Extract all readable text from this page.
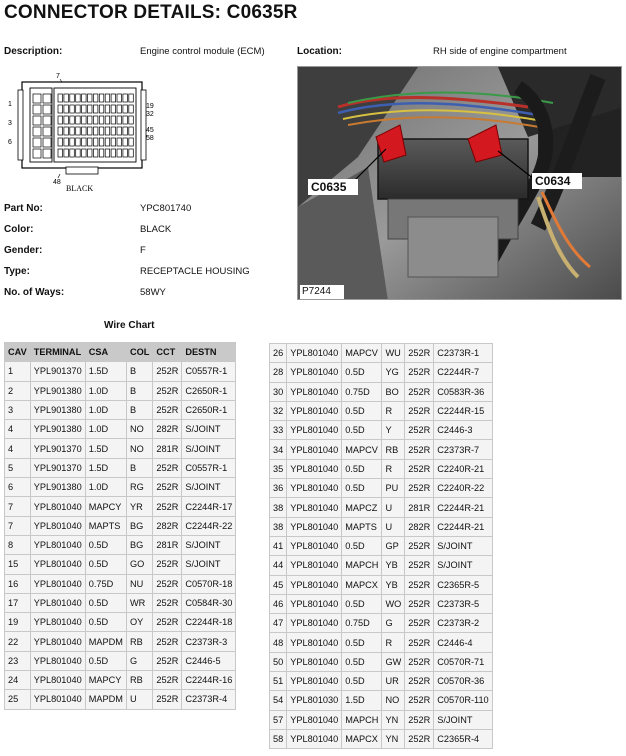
CONNECTOR DETAILS: C0635R
Description:	Engine control module (ECM)	Location:	RH side of engine compartment
7
1
3
6
19
32
45
58
48
BLACK	C0635	C0634
P7244
Part No:	YPC801740
Color:	BLACK
Gender:	F
Type:	RECEPTACLE HOUSING
No. of Ways:	58WY
Wire Chart
CAV	TERMINAL	CSA	COL	CCT	DESTN
1	YPL901370	1.5D	B	252R	C0557R-1
2	YPL901380	1.0D	B	252R	C2650R-1
3	YPL901380	1.0D	B	252R	C2650R-1
4	YPL901380	1.0D	NO	282R	S/JOINT
4	YPL901370	1.5D	NO	281R	S/JOINT
5	YPL901370	1.5D	B	252R	C0557R-1
6	YPL901380	1.0D	RG	252R	S/JOINT
7	YPL801040	MAPCY	YR	252R	C2244R-17
7	YPL801040	MAPTS	BG	282R	C2244R-22
8	YPL801040	0.5D	BG	281R	S/JOINT
15	YPL801040	0.5D	GO	252R	S/JOINT
16	YPL801040	0.75D	NU	252R	C0570R-18
17	YPL801040	0.5D	WR	252R	C0584R-30
19	YPL801040	0.5D	OY	252R	C2244R-18
22	YPL801040	MAPDM	RB	252R	C2373R-3
23	YPL801040	0.5D	G	252R	C2446-5
24	YPL801040	MAPCY	RB	252R	C2244R-16
25	YPL801040	MAPDM	U	252R	C2373R-4
26	YPL801040	MAPCV	WU	252R	C2373R-1
28	YPL801040	0.5D	YG	252R	C2244R-7
30	YPL801040	0.75D	BO	252R	C0583R-36
32	YPL801040	0.5D	R	252R	C2244R-15
33	YPL801040	0.5D	Y	252R	C2446-3
34	YPL801040	MAPCV	RB	252R	C2373R-7
35	YPL801040	0.5D	R	252R	C2240R-21
36	YPL801040	0.5D	PU	252R	C2240R-22
38	YPL801040	MAPCZ	U	281R	C2244R-21
38	YPL801040	MAPTS	U	282R	C2244R-21
41	YPL801040	0.5D	GP	252R	S/JOINT
44	YPL801040	MAPCH	YB	252R	S/JOINT
45	YPL801040	MAPCX	YB	252R	C2365R-5
46	YPL801040	0.5D	WO	252R	C2373R-5
47	YPL801040	0.75D	G	252R	C2373R-2
48	YPL801040	0.5D	R	252R	C2446-4
50	YPL801040	0.5D	GW	252R	C0570R-71
51	YPL801040	0.5D	UR	252R	C0570R-36
54	YPL801030	1.5D	NO	252R	C0570R-110
57	YPL801040	MAPCH	YN	252R	S/JOINT
58	YPL801040	MAPCX	YN	252R	C2365R-4
